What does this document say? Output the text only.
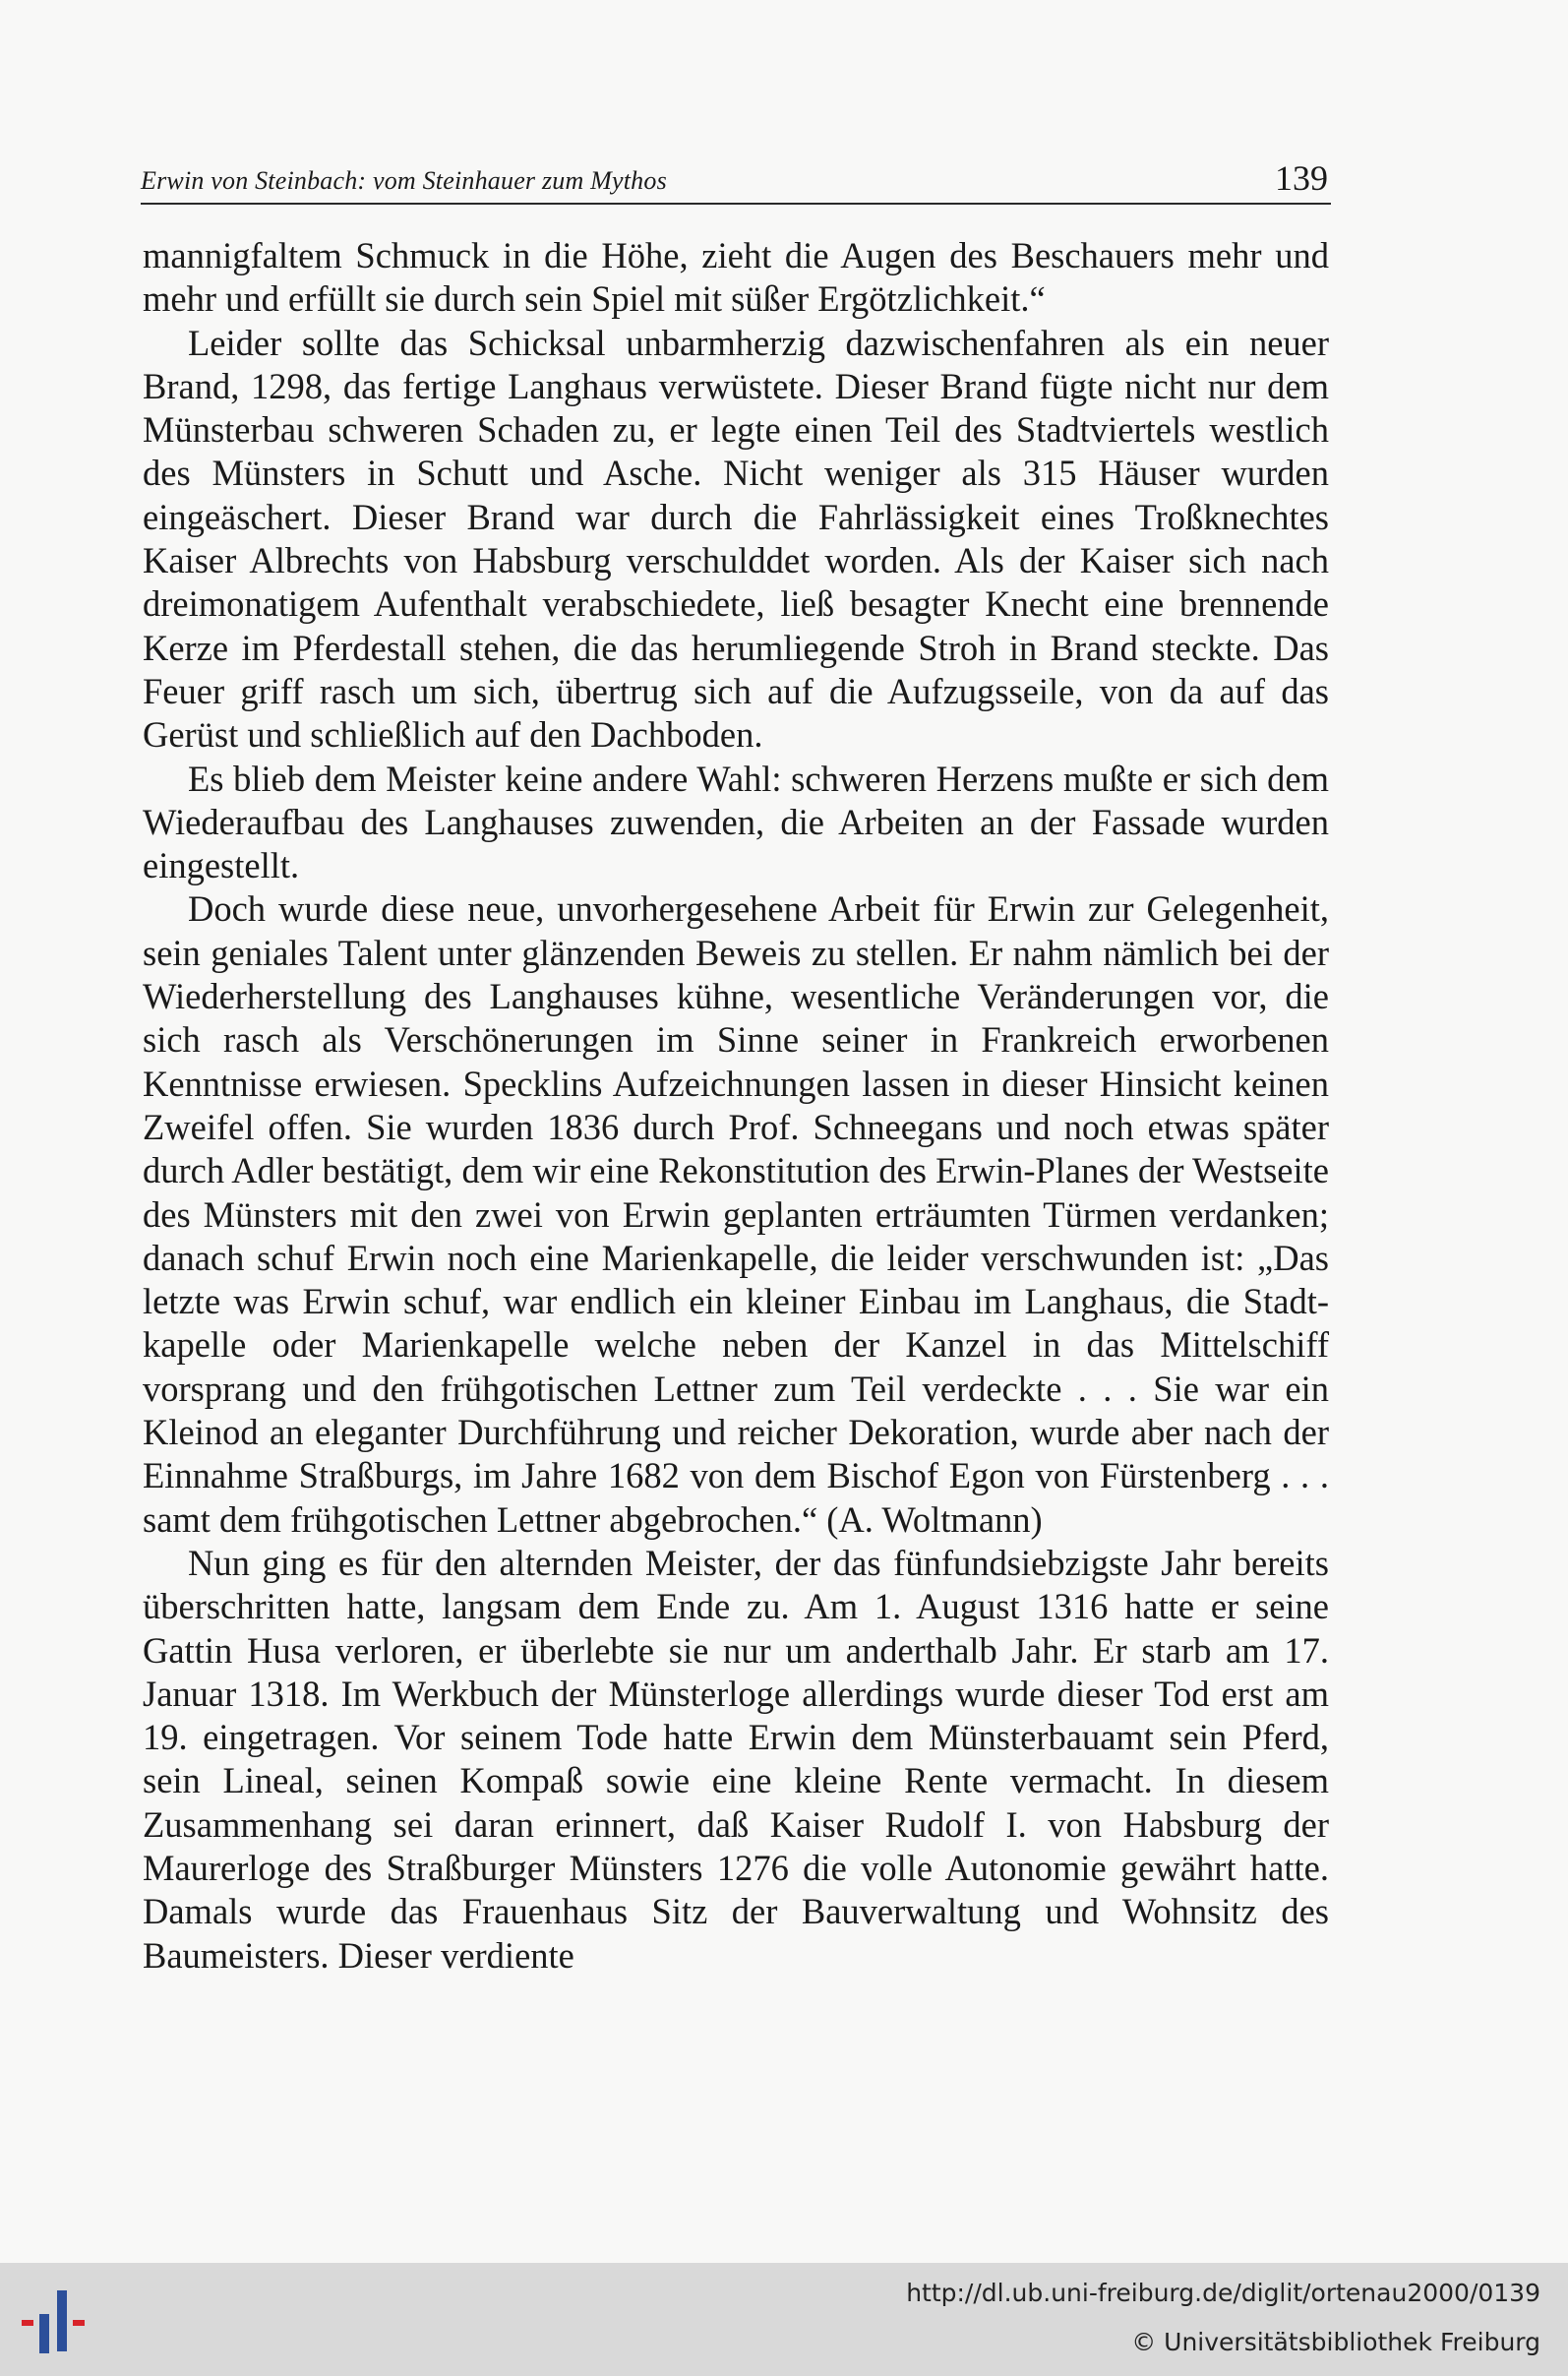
Erwin von Steinbach: vom Steinhauer zum Mythos	139

mannigfaltem Schmuck in die Höhe, zieht die Augen des Beschauers mehr und mehr und erfüllt sie durch sein Spiel mit süßer Ergötzlichkeit.“

Leider sollte das Schicksal unbarmherzig dazwischenfahren als ein neuer Brand, 1298, das fertige Langhaus verwüstete. Dieser Brand fügte nicht nur dem Münsterbau schweren Schaden zu, er legte einen Teil des Stadtviertels westlich des Münsters in Schutt und Asche. Nicht weniger als 315 Häuser wurden eingeäschert. Dieser Brand war durch die Fahrlässigkeit eines Troßknechtes Kaiser Albrechts von Habsburg verschulddet worden. Als der Kaiser sich nach dreimonatigem Aufenthalt verabschiedete, ließ besagter Knecht eine brennende Kerze im Pferdestall stehen, die das herumliegende Stroh in Brand steckte. Das Feuer griff rasch um sich, übertrug sich auf die Aufzugsseile, von da auf das Gerüst und schließlich auf den Dachboden.

Es blieb dem Meister keine andere Wahl: schweren Herzens mußte er sich dem Wiederaufbau des Langhauses zuwenden, die Arbeiten an der Fassade wurden eingestellt.

Doch wurde diese neue, unvorhergesehene Arbeit für Erwin zur Gelegenheit, sein geniales Talent unter glänzenden Beweis zu stellen. Er nahm nämlich bei der Wiederherstellung des Langhauses kühne, wesentliche Veränderungen vor, die sich rasch als Verschönerungen im Sinne seiner in Frankreich erworbenen Kenntnisse erwiesen. Specklins Aufzeichnungen lassen in dieser Hinsicht keinen Zweifel offen. Sie wurden 1836 durch Prof. Schneegans und noch etwas später durch Adler bestätigt, dem wir eine Rekonstitution des Erwin-Planes der Westseite des Münsters mit den zwei von Erwin geplanten erträumten Türmen verdanken; danach schuf Erwin noch eine Marienkapelle, die leider verschwunden ist: „Das letzte was Erwin schuf, war endlich ein kleiner Einbau im Langhaus, die Stadtkapelle oder Marienkapelle welche neben der Kanzel in das Mittelschiff vorsprang und den frühgotischen Lettner zum Teil verdeckte . . . Sie war ein Kleinod an eleganter Durchführung und reicher Dekoration, wurde aber nach der Einnahme Straßburgs, im Jahre 1682 von dem Bischof Egon von Fürstenberg . . . samt dem frühgotischen Lettner abgebrochen.“ (A. Woltmann)

Nun ging es für den alternden Meister, der das fünfundsiebzigste Jahr bereits überschritten hatte, langsam dem Ende zu. Am 1. August 1316 hatte er seine Gattin Husa verloren, er überlebte sie nur um anderthalb Jahr. Er starb am 17. Januar 1318. Im Werkbuch der Münsterloge allerdings wurde dieser Tod erst am 19. eingetragen. Vor seinem Tode hatte Erwin dem Münsterbauamt sein Pferd, sein Lineal, seinen Kompaß sowie eine kleine Rente vermacht. In diesem Zusammenhang sei daran erinnert, daß Kaiser Rudolf I. von Habsburg der Maurerloge des Straßburger Münsters 1276 die volle Autonomie gewährt hatte. Damals wurde das Frauenhaus Sitz der Bauverwaltung und Wohnsitz des Baumeisters. Dieser verdiente

http://dl.ub.uni-freiburg.de/diglit/ortenau2000/0139
© Universitätsbibliothek Freiburg
